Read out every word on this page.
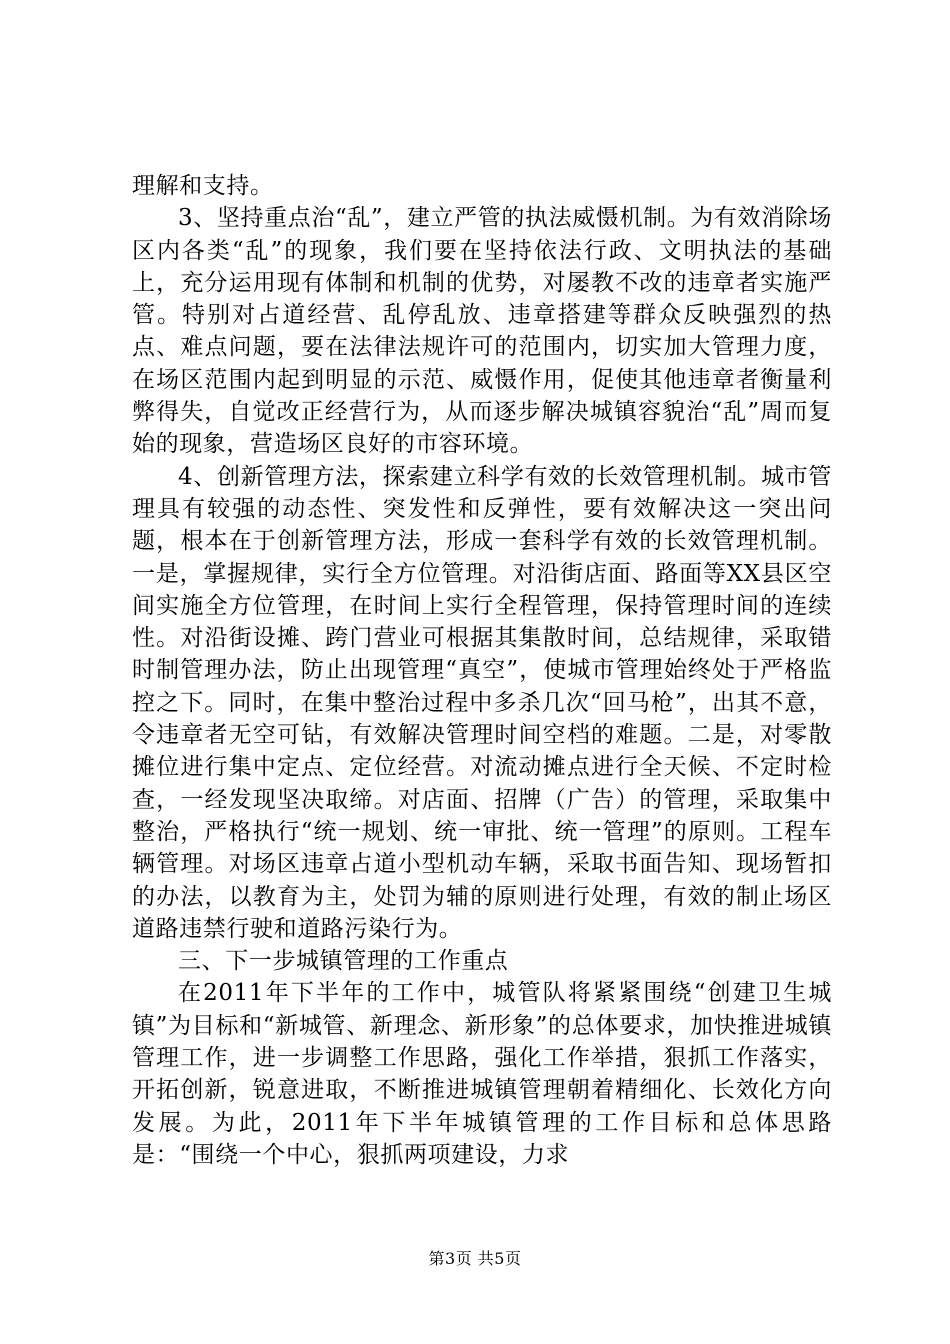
理解和支持。

3、坚持重点治“乱”，建立严管的执法威慑机制。为有效消除场区内各类“乱”的现象，我们要在坚持依法行政、文明执法的基础上，充分运用现有体制和机制的优势，对屡教不改的违章者实施严管。特别对占道经营、乱停乱放、违章搭建等群众反映强烈的热点、难点问题，要在法律法规许可的范围内，切实加大管理力度，在场区范围内起到明显的示范、威慑作用，促使其他违章者衡量利弊得失，自觉改正经营行为，从而逐步解决城镇容貌治“乱”周而复始的现象，营造场区良好的市容环境。

4、创新管理方法，探索建立科学有效的长效管理机制。城市管理具有较强的动态性、突发性和反弹性，要有效解决这一突出问题，根本在于创新管理方法，形成一套科学有效的长效管理机制。一是，掌握规律，实行全方位管理。对沿街店面、路面等XX县区空间实施全方位管理，在时间上实行全程管理，保持管理时间的连续性。对沿街设摊、跨门营业可根据其集散时间，总结规律，采取错时制管理办法，防止出现管理“真空”，使城市管理始终处于严格监控之下。同时，在集中整治过程中多杀几次“回马枪”，出其不意，令违章者无空可钻，有效解决管理时间空档的难题。二是，对零散摊位进行集中定点、定位经营。对流动摊点进行全天候、不定时检查，一经发现坚决取缔。对店面、招牌（广告）的管理，采取集中整治，严格执行“统一规划、统一审批、统一管理”的原则。工程车辆管理。对场区违章占道小型机动车辆，采取书面告知、现场暂扣的办法，以教育为主，处罚为辅的原则进行处理，有效的制止场区道路违禁行驶和道路污染行为。

三、下一步城镇管理的工作重点

在2011年下半年的工作中，城管队将紧紧围绕“创建卫生城镇”为目标和“新城管、新理念、新形象”的总体要求，加快推进城镇管理工作，进一步调整工作思路，强化工作举措，狠抓工作落实，开拓创新，锐意进取，不断推进城镇管理朝着精细化、长效化方向发展。为此，2011年下半年城镇管理的工作目标和总体思路是：“围绕一个中心，狠抓两项建设，力求

第3页 共5页
